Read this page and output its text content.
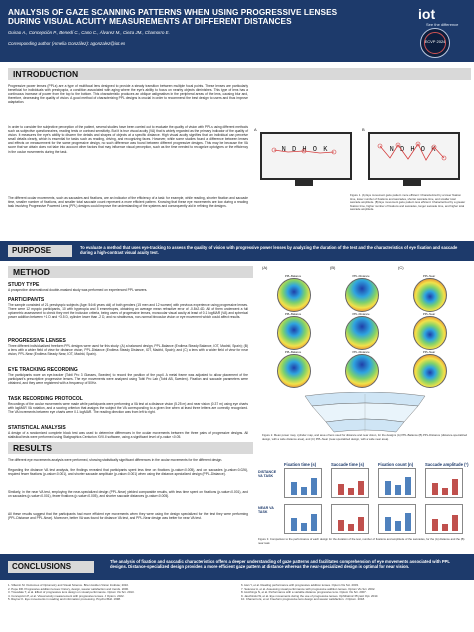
ANALYSIS OF GAZE SCANNING PATTERNS WHEN USING PROGRESSIVE LENSES DURING VISUAL ACUITY MEASUREMENTS AT DIFFERENT DISTANCES
Guirao A., Concepción P., Benedí C., Cano C., Álvarez M., Cieza JM., Chamorro E.
Corresponding author (Amelia González): agonzalez@iot.es
iot
See the difference
ECVP 2024
INTRODUCTION
Progressive power lenses (PPLs) are a type of multifocal lens designed to provide a steady transition between multiple focal points. These lenses are particularly beneficial for individuals with presbyopia, a condition associated with aging where the eye's ability to focus on nearby objects diminishes. This type of lens has a continuous increase of power from the top to the bottom. This characteristic produces an oblique astigmatism in the peripheral areas of the lens, causing blur and, therefore, decreasing the quality of vision. A good method of characterizing PPL designs is crucial in order to recommend the best design to users and thus improve adaptation.
In order to consider the subjective perception of the patient, several studies have been carried out to evaluate the quality of vision with PPLs using different methods such as subjective questionnaires, reading tests or contrast sensitivity. But it is true visual acuity (VA) that is widely regarded as the primary indicator of the quality of vision. It measures the eye's ability to discern the details and shapes of objects at a specific distance. High visual acuity signifies that an individual can perceive small details clearly, which is essential for tasks such as reading, driving, and recognizing faces. However, while some studies found a difference between lenses and effects on measurement for the same progressive design, no such difference was found between different progressive designs. This may be because the VA score that we obtain does not take into account other factors that may influence visual perception, such as the time needed to recognize optotypes or the efficiency in the ocular movements during the task.
The different ocular movements, such as saccades and fixations, are an indicator of the efficiency of a task: for example, while reading, shorter fixation and saccade time, smaller number of fixations, and smaller total saccade count represent a more efficient pattern. Knowing that these eye movements are low during a reading task involving Progressive Powered Lens (PPL) designs could improve the understanding of the systems and consequently aid in refining the designs.
A	B
N D H O K	N D H O K
Figure 1. (A) Eye movement gaze pattern more efficient: Characterized by a lower fixation time, lower number of fixations and saccades, shorter saccade time, and smaller total saccade amplitude. (B) Eye movement gaze pattern less efficient: Characterized by a greater fixation time, higher number of fixations and saccades, longer saccade time, and higher total saccade amplitude.
PURPOSE	To evaluate a method that uses eye-tracking to assess the quality of vision with progressive power lenses by analyzing the duration of the test and the characteristics of eye fixation and saccade during a high-contrast visual acuity test.
METHOD
STUDY TYPE
A prospective observational double-masked study was performed on experienced PPL wearers.
PARTICIPANTS
The sample consisted of 21 presbyopic subjects (Age: 54±6 years old) of both genders (15 men and 12 women) with previous experience using progressive lenses. There were 12 myopic participants, 10 with hyperopia and 5 emmetropes, obtaining an average mean refractive error of -0.8±2.4D. All of them underwent a full optometric assessment to check they met the inclusion criteria, being users of progressive lenses, monocular visual acuity at least of 0.1 logMAR (VA) and spherical power addition between +1 D and +3.5 D, cylinder lower than -2 D, and no strabismus, non-normal binocular vision or eye movement which could affect results.
PROGRESSIVE LENSES
Three different individualized freeform PPL designs were used for this study: (A) a balanced design, PPL-Balance (Endless Steady Balance, IOT, Madrid, Spain); (B) a lens with a wider field of view for distance vision, PPL-Distance (Endless Steady Distance, IOT, Madrid, Spain); and (C) a lens with a wider field of view for near vision, PPL-Near (Endless Steady Near, IOT, Madrid, Spain).
EYE TRACKING RECORDING
The participants wore an eye-tracker (Tobii Pro 3 Glasses, Sweden) to record the position of the pupil. A metal frame was adjusted to allow placement of the participant's prescriptive progressive lenses. The eye movements were analyzed using Tobii Pro Lab (Tobii AB, Sweden). Fixation and saccade parameters were obtained, and they were registered with a frequency of 50Hz.
TASK RECORDING PROTOCOL
Recordings of the ocular movements were made while participants were performing a VA test at a distance vision (5.25 m) and near vision (0.37 m) using eye charts with logMAR VA notation, and a scoring criterion that assigns the subject the VA corresponding to a given line when at least three letters are correctly recognized. The VA increments between eye charts were 0.1 logMAR. The reading direction was from left to right.
STATISTICAL ANALYSIS
A design of a randomized complete block test was used to determine differences in the ocular movements between the three pairs of progressive designs. All statistical tests were performed using Statgraphics Centurion XVII.II software, using a significant level of p-value <0.05.
(A)	(B)	(C)
PPL-Balance	PPL-Distance	PPL-Near
PPL-Balance	PPL-Distance	PPL-Near
PPL-Balance	PPL-Distance	PPL-Near
Figure 2. Mean power map, cylinder map, and area of lens used for distance and near vision, for the designs (A) PPL-Balance (B) PPL-Distance (distance-specialized design, with a wide distance area), and (C) PPL-Near (near-specialized design, with a wide near area).
RESULTS
The different eye movements analysis were performed, showing statistically significant differences in the ocular movements for the different design.
Regarding the distance VA test analysis, the findings revealed that participants spent less time on fixations (p-value<0.005), and on saccades (p-value=0.026), required fewer fixations (p-value<0.001), and shorter saccade amplitude (p-value=0.001) when using the distance-specialized design (PPL-Distance).
Similarly, in the near VA test, employing the near-specialized design (PPL-Near) yielded comparable results, with less time spent on fixations (p-value<0.001), and on saccades (p-value<0.001), fewer fixations (p-value<0.005), and shorter saccade distances (p-value<0.005).
All these results suggest that the participants had more efficient eye movements when they were using the design specialized for the test they were performing (PPL-Distance and PPL-Near). Moreover, better VA was found for distance VA test, and PPL-Near design was better for near VA test.
DISTANCE VA TASK
Fixation time (s)	Saccade time (s)	Fixation count (n)	Saccade amplitude (°)
NEAR VA TASK
Figure 3. Comparison to the performance of each design for the duration of the test, number of fixations and amplitude of the saccades, for the (A) distance and the (B) near task.
CONCLUSIONS
The analysis of fixation and saccadic characteristics offers a deeper understanding of gaze patterns and facilitates comprehension of eye movements associated with PPL designs. Distance-specialized design provides a more efficient gaze pattern at distance whereas the near-specialized design is optimal for near vision.
1. Villemin M. Outcomes of Optometry and Visual Science. Brien Holden Vision Institute; 2010.
2. Pope DR. Progressive addition lenses: history, design, wearer satisfaction and trends. 2000.
3. Trousdale T, et al. Effect of progressive lens design on visual performance. Optom Vis Sci. 2013.
4. Concepción P, et al. Visual acuity measurement with progressive lenses. J Optom. 2022.
5. Rayner K. Eye movements in reading and information processing. Psychol Bull. 1998.
6. Han Y, et al. Reading performance with progressive addition lenses. Optom Vis Sci. 2003.
7. Selenow A, et al. Assessing visual performance with progressive addition lenses. Optom Vis Sci. 2002.
8. Hutchings N, et al. Performance with a variable distance progressive lens. Optom Vis Sci. 2007.
9. Jaschinski W, et al. Eye movements during the use of progressive lenses. Ophthalmic Physiol Opt. 2010.
10. Chamorro E, et al. Freeform progressive lens design and wearer satisfaction. J Optom. 2018.
